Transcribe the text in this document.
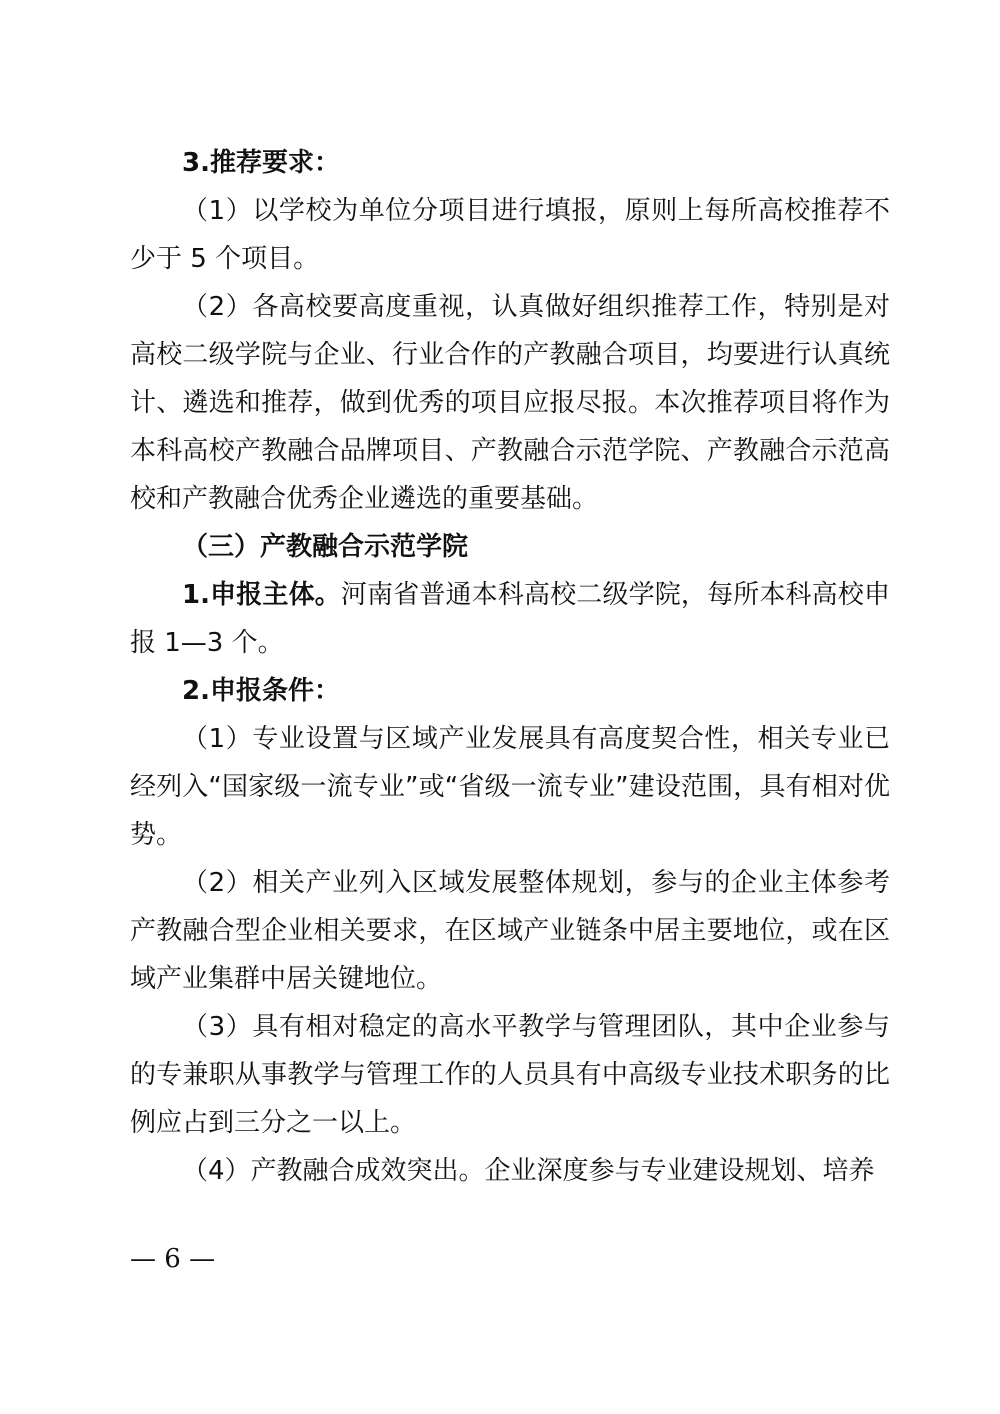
3.推荐要求：

（1）以学校为单位分项目进行填报，原则上每所高校推荐不少于 5 个项目。

（2）各高校要高度重视，认真做好组织推荐工作，特别是对高校二级学院与企业、行业合作的产教融合项目，均要进行认真统计、遴选和推荐，做到优秀的项目应报尽报。本次推荐项目将作为本科高校产教融合品牌项目、产教融合示范学院、产教融合示范高校和产教融合优秀企业遴选的重要基础。

（三）产教融合示范学院

1.申报主体。河南省普通本科高校二级学院，每所本科高校申报 1—3 个。

2.申报条件：

（1）专业设置与区域产业发展具有高度契合性，相关专业已经列入“国家级一流专业”或“省级一流专业”建设范围，具有相对优势。

（2）相关产业列入区域发展整体规划，参与的企业主体参考产教融合型企业相关要求，在区域产业链条中居主要地位，或在区域产业集群中居关键地位。

（3）具有相对稳定的高水平教学与管理团队，其中企业参与的专兼职从事教学与管理工作的人员具有中高级专业技术职务的比例应占到三分之一以上。

（4）产教融合成效突出。企业深度参与专业建设规划、培养

— 6 —
